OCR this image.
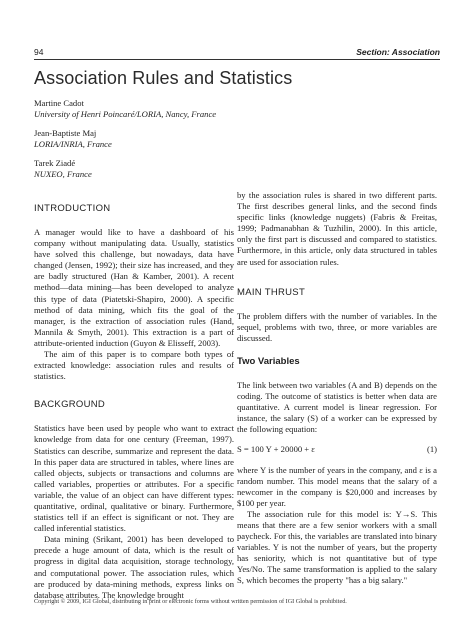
94	Section: Association
Association Rules and Statistics
Martine Cadot
University of Henri Poincaré/LORIA, Nancy, France
Jean-Baptiste Maj
LORIA/INRIA, France
Tarek Ziadé
NUXEO, France
INTRODUCTION

A manager would like to have a dashboard of his company without manipulating data. Usually, statistics have solved this challenge, but nowadays, data have changed (Jensen, 1992); their size has increased, and they are badly structured (Han & Kamber, 2001). A recent method—data mining—has been developed to analyze this type of data (Piatetski-Shapiro, 2000). A specific method of data mining, which fits the goal of the manager, is the extraction of association rules (Hand, Mannila & Smyth, 2001). This extraction is a part of attribute-oriented induction (Guyon & Elisseff, 2003).

The aim of this paper is to compare both types of extracted knowledge: association rules and results of statistics.

BACKGROUND

Statistics have been used by people who want to extract knowledge from data for one century (Freeman, 1997). Statistics can describe, summarize and represent the data. In this paper data are structured in tables, where lines are called objects, subjects or transactions and columns are called variables, properties or attributes. For a specific variable, the value of an object can have different types: quantitative, ordinal, qualitative or binary. Furthermore, statistics tell if an effect is significant or not. They are called inferential statistics.

Data mining (Srikant, 2001) has been developed to precede a huge amount of data, which is the result of progress in digital data acquisition, storage technology, and computational power. The association rules, which are produced by data-mining methods, express links on database attributes. The knowledge brought

by the association rules is shared in two different parts. The first describes general links, and the second finds specific links (knowledge nuggets) (Fabris & Freitas, 1999; Padmanabhan & Tuzhilin, 2000). In this article, only the first part is discussed and compared to statistics. Furthermore, in this article, only data structured in tables are used for association rules.

MAIN THRUST

The problem differs with the number of variables. In the sequel, problems with two, three, or more variables are discussed.

Two Variables

The link between two variables (A and B) depends on the coding. The outcome of statistics is better when data are quantitative. A current model is linear regression. For instance, the salary (S) of a worker can be expressed by the following equation:

S = 100 Y + 20000 + ε	(1)

where Y is the number of years in the company, and ε is a random number. This model means that the salary of a newcomer in the company is $20,000 and increases by $100 per year.

The association rule for this model is: Y→S. This means that there are a few senior workers with a small paycheck. For this, the variables are translated into binary variables. Y is not the number of years, but the property has seniority, which is not quantitative but of type Yes/No. The same transformation is applied to the salary S, which becomes the property "has a big salary."

Copyright © 2009, IGI Global, distributing in print or electronic forms without written permission of IGI Global is prohibited.
